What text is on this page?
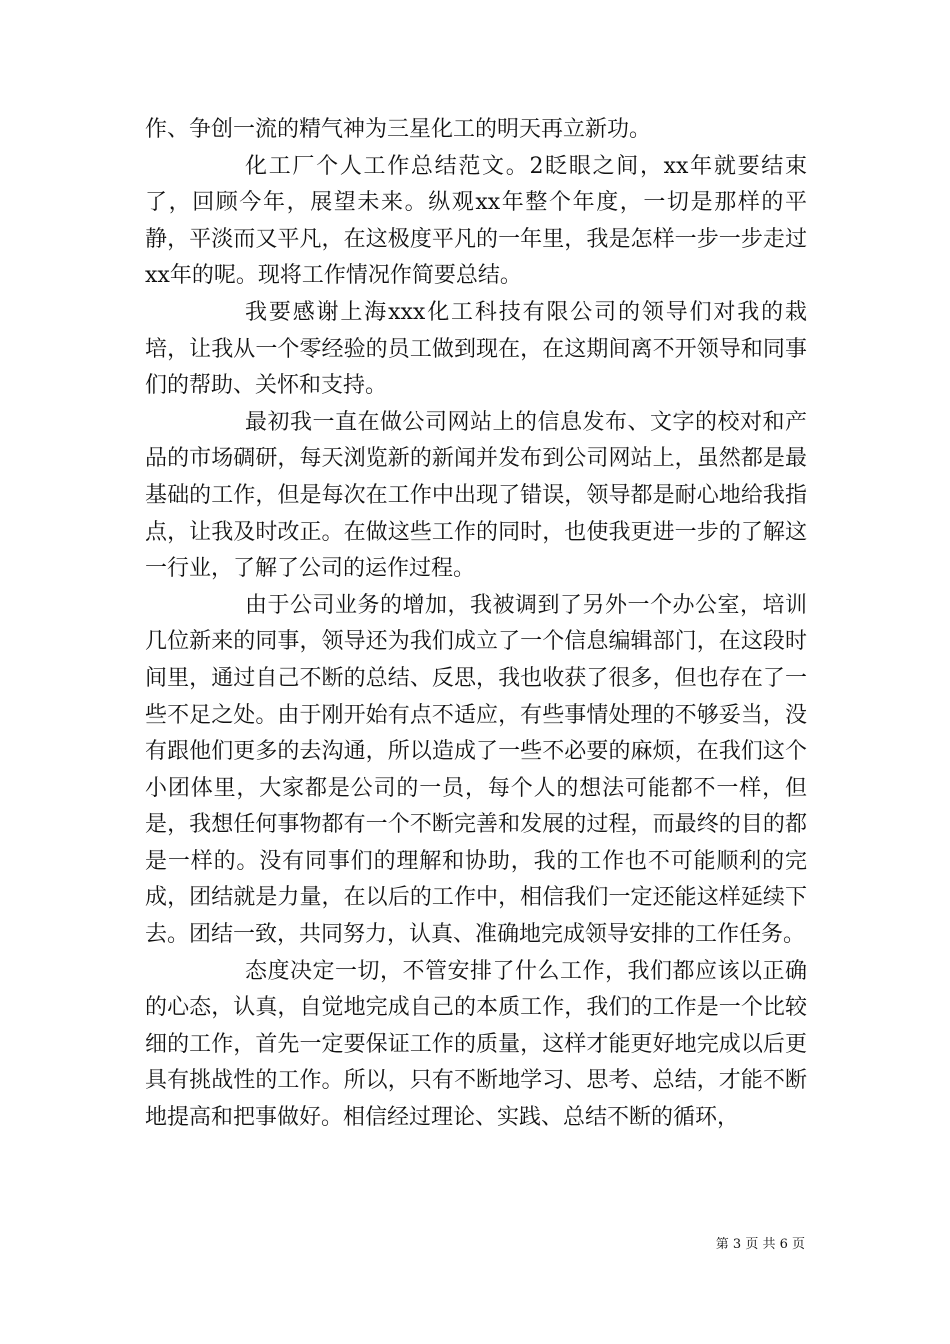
作、争创一流的精气神为三星化工的明天再立新功。

化工厂个人工作总结范文。2眨眼之间，xx年就要结束了，回顾今年，展望未来。纵观xx年整个年度，一切是那样的平静，平淡而又平凡，在这极度平凡的一年里，我是怎样一步一步走过xx年的呢。现将工作情况作简要总结。

我要感谢上海xxx化工科技有限公司的领导们对我的栽培，让我从一个零经验的员工做到现在，在这期间离不开领导和同事们的帮助、关怀和支持。

最初我一直在做公司网站上的信息发布、文字的校对和产品的市场碉研，每天浏览新的新闻并发布到公司网站上，虽然都是最基础的工作，但是每次在工作中出现了错误，领导都是耐心地给我指点，让我及时改正。在做这些工作的同时，也使我更进一步的了解这一行业，了解了公司的运作过程。

由于公司业务的增加，我被调到了另外一个办公室，培训几位新来的同事，领导还为我们成立了一个信息编辑部门，在这段时间里，通过自己不断的总结、反思，我也收获了很多，但也存在了一些不足之处。由于刚开始有点不适应，有些事情处理的不够妥当，没有跟他们更多的去沟通，所以造成了一些不必要的麻烦，在我们这个小团体里，大家都是公司的一员，每个人的想法可能都不一样，但是，我想任何事物都有一个不断完善和发展的过程，而最终的目的都是一样的。没有同事们的理解和协助，我的工作也不可能顺利的完成，团结就是力量，在以后的工作中，相信我们一定还能这样延续下去。团结一致，共同努力，认真、准确地完成领导安排的工作任务。

态度决定一切，不管安排了什么工作，我们都应该以正确的心态，认真，自觉地完成自己的本质工作，我们的工作是一个比较细的工作，首先一定要保证工作的质量，这样才能更好地完成以后更具有挑战性的工作。所以，只有不断地学习、思考、总结，才能不断地提高和把事做好。相信经过理论、实践、总结不断的循环，

第 3 页 共 6 页
